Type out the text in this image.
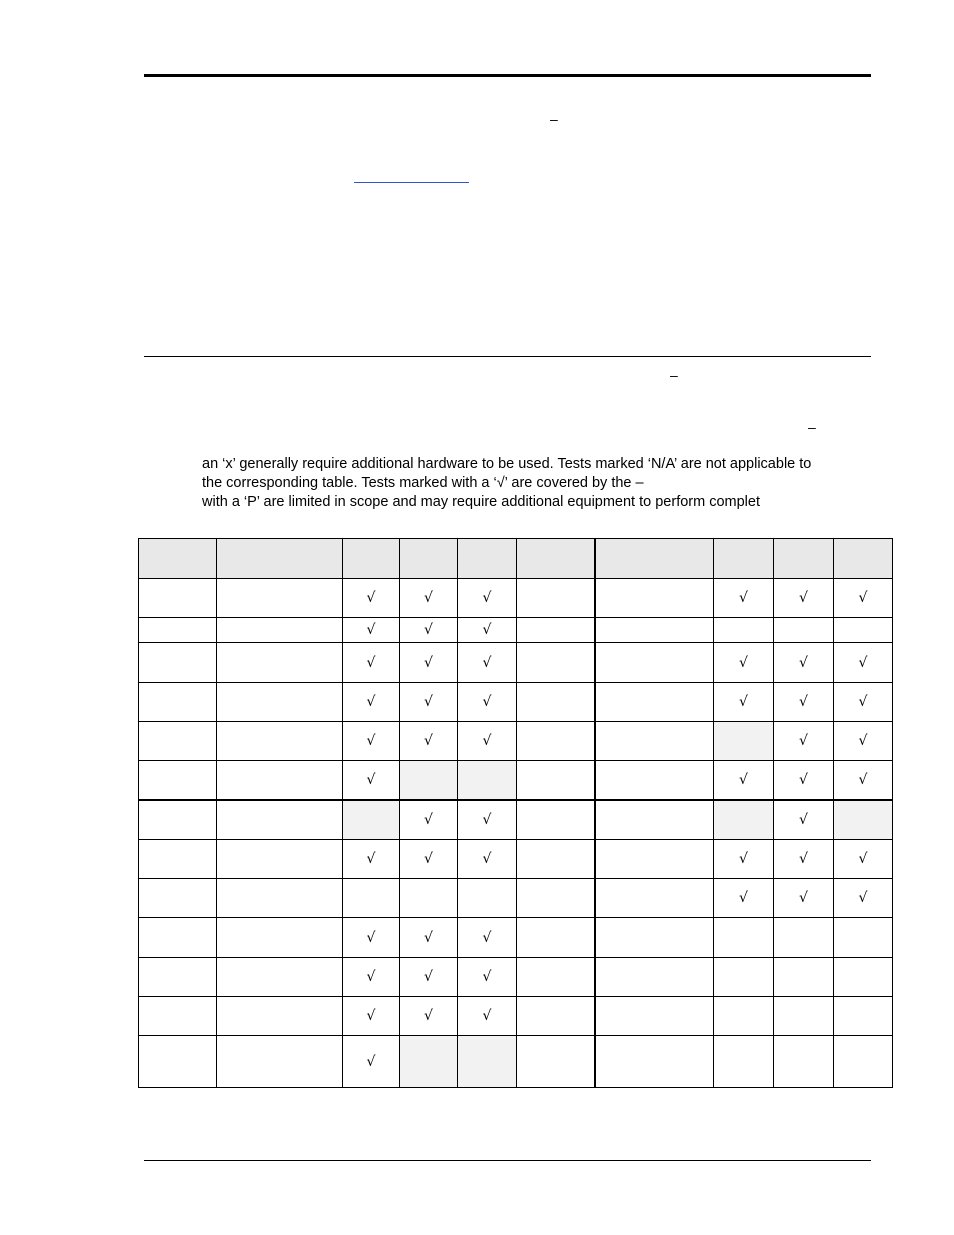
–
–
–
an ‘x’ generally require additional hardware to be used. Tests marked ‘N/A’ are not applicable to
the corresponding table. Tests marked with a ‘√’ are covered by the –
with a ‘P’ are limited in scope and may require additional equipment to perform complet

		√	√	√			√	√	√
		√	√	√					
		√	√	√			√	√	√
		√	√	√			√	√	√
		√	√	√				√	√
		√					√	√	√
			√	√				√	
		√	√	√			√	√	√
							√	√	√
		√	√	√					
		√	√	√					
		√	√	√					
		√							
